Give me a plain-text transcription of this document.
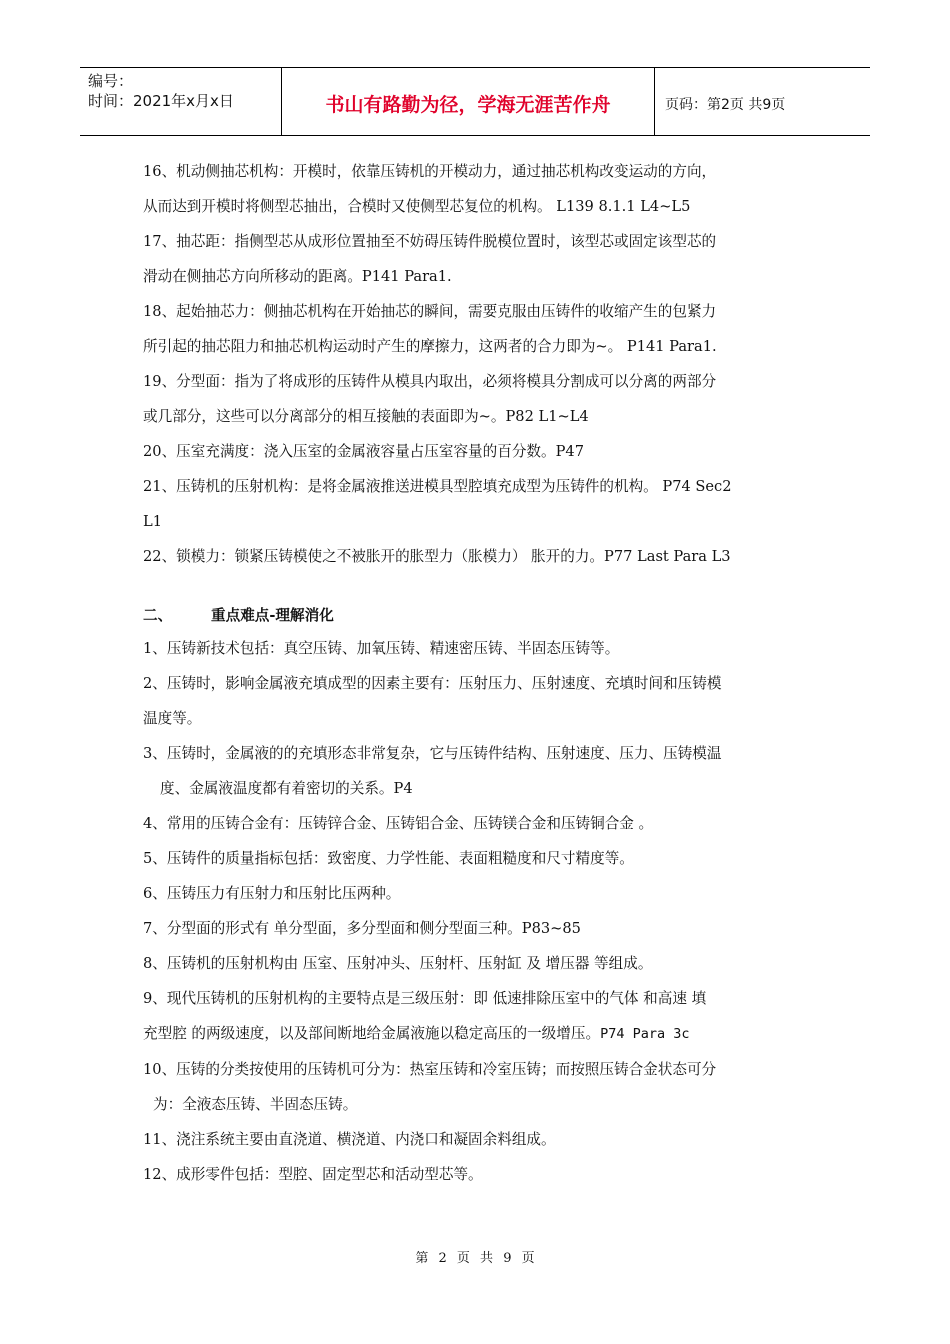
编号：
时间：2021年x月x日	书山有路勤为径，学海无涯苦作舟	页码：第2页 共9页
16、机动侧抽芯机构：开模时，依靠压铸机的开模动力，通过抽芯机构改变运动的方向，
从而达到开模时将侧型芯抽出，合模时又使侧型芯复位的机构。 L139 8.1.1 L4~L5
17、抽芯距：指侧型芯从成形位置抽至不妨碍压铸件脱模位置时，该型芯或固定该型芯的
滑动在侧抽芯方向所移动的距离。P141 Para1.
18、起始抽芯力：侧抽芯机构在开始抽芯的瞬间，需要克服由压铸件的收缩产生的包紧力
所引起的抽芯阻力和抽芯机构运动时产生的摩擦力，这两者的合力即为~。 P141 Para1.
19、分型面：指为了将成形的压铸件从模具内取出，必须将模具分割成可以分离的两部分
或几部分，这些可以分离部分的相互接触的表面即为~。P82 L1~L4
20、压室充满度：浇入压室的金属液容量占压室容量的百分数。P47
21、压铸机的压射机构：是将金属液推送进模具型腔填充成型为压铸件的机构。 P74 Sec2
L1
22、锁模力：锁紧压铸模使之不被胀开的胀型力（胀模力） 胀开的力。P77 Last Para L3
二、	重点难点-理解消化
1、压铸新技术包括：真空压铸、加氧压铸、精速密压铸、半固态压铸等。
2、压铸时，影响金属液充填成型的因素主要有：压射压力、压射速度、充填时间和压铸模
温度等。
3、压铸时，金属液的的充填形态非常复杂，它与压铸件结构、压射速度、压力、压铸模温
度、金属液温度都有着密切的关系。P4
4、常用的压铸合金有：压铸锌合金、压铸铝合金、压铸镁合金和压铸铜合金 。
5、压铸件的质量指标包括：致密度、力学性能、表面粗糙度和尺寸精度等。
6、压铸压力有压射力和压射比压两种。
7、分型面的形式有 单分型面，多分型面和侧分型面三种。P83~85
8、压铸机的压射机构由 压室、压射冲头、压射杆、压射缸 及 增压器 等组成。
9、现代压铸机的压射机构的主要特点是三级压射：即 低速排除压室中的气体 和高速 填
充型腔 的两级速度，以及部间断地给金属液施以稳定高压的一级增压。P74 Para 3c
10、压铸的分类按使用的压铸机可分为：热室压铸和冷室压铸；而按照压铸合金状态可分
为：全液态压铸、半固态压铸。
11、浇注系统主要由直浇道、横浇道、内浇口和凝固余料组成。
12、成形零件包括：型腔、固定型芯和活动型芯等。
第 2 页 共 9 页
